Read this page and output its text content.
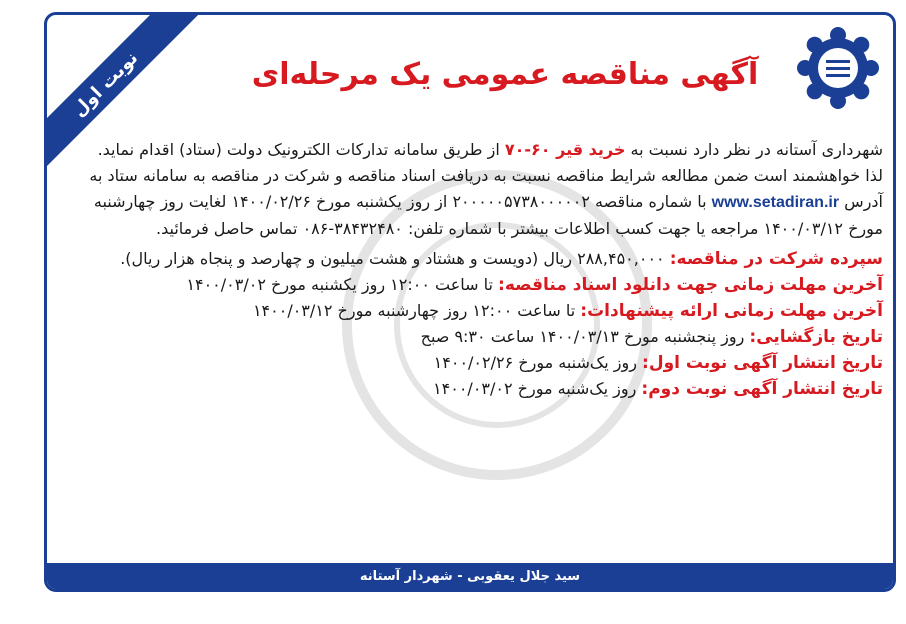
نوبت اول	آگهی مناقصه عمومی یک مرحله‌ای

شهرداری آستانه در نظر دارد نسبت به خرید قیر ۶۰-۷۰ از طریق سامانه تدارکات الکترونیک دولت (ستاد) اقدام نماید.

لذا خواهشمند است ضمن مطالعه شرایط مناقصه نسبت به دریافت اسناد مناقصه و شرکت در مناقصه به سامانه ستاد به آدرس www.setadiran.ir با شماره مناقصه ۲۰۰۰۰۰۵۷۳۸۰۰۰۰۰۲ از روز یکشنبه مورخ ۱۴۰۰/۰۲/۲۶ لغایت روز چهارشنبه مورخ ۱۴۰۰/۰۳/۱۲ مراجعه یا جهت کسب اطلاعات بیشتر با شماره تلفن: ۳۸۴۳۲۴۸۰-۰۸۶ تماس حاصل فرمائید.

سپرده شرکت در مناقصه: ۲۸۸,۴۵۰,۰۰۰ ریال (دویست و هشتاد و هشت میلیون و چهارصد و پنجاه هزار ریال).

آخرین مهلت زمانی جهت دانلود اسناد مناقصه: تا ساعت ۱۲:۰۰ روز یکشنبه مورخ ۱۴۰۰/۰۳/۰۲

آخرین مهلت زمانی ارائه پیشنهادات: تا ساعت ۱۲:۰۰ روز چهارشنبه مورخ ۱۴۰۰/۰۳/۱۲

تاریخ بازگشایی: روز پنجشنبه مورخ ۱۴۰۰/۰۳/۱۳ ساعت ۹:۳۰ صبح

تاریخ انتشار آگهی نوبت اول: روز یک‌شنبه مورخ ۱۴۰۰/۰۲/۲۶

تاریخ انتشار آگهی نوبت دوم: روز یک‌شنبه مورخ ۱۴۰۰/۰۳/۰۲

سید جلال یعقوبی - شهردار آستانه
